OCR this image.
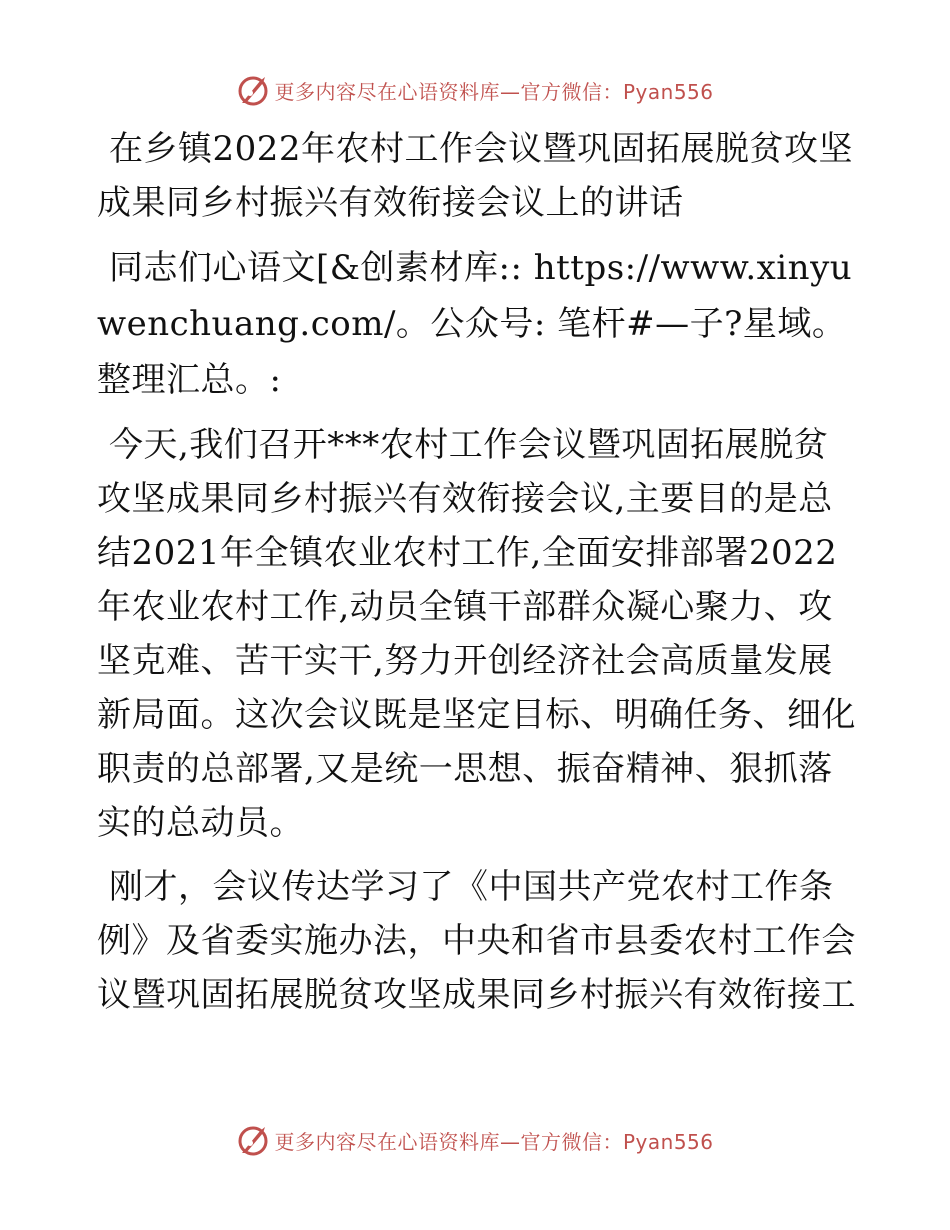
更多内容尽在心语资料库—官方微信：Pyan556

在乡镇2022年农村工作会议暨巩固拓展脱贫攻坚成果同乡村振兴有效衔接会议上的讲话

同志们心语文[&创素材库:: https://www.xinyuwenchuang.com/。公众号: 笔杆#—子?星域。整理汇总。:

今天,我们召开***农村工作会议暨巩固拓展脱贫攻坚成果同乡村振兴有效衔接会议,主要目的是总结2021年全镇农业农村工作,全面安排部署2022年农业农村工作,动员全镇干部群众凝心聚力、攻坚克难、苦干实干,努力开创经济社会高质量发展新局面。这次会议既是坚定目标、明确任务、细化职责的总部署,又是统一思想、振奋精神、狠抓落实的总动员。

刚才，会议传达学习了《中国共产党农村工作条例》及省委实施办法，中央和省市县委农村工作会议暨巩固拓展脱贫攻坚成果同乡村振兴有效衔接工

更多内容尽在心语资料库—官方微信：Pyan556
